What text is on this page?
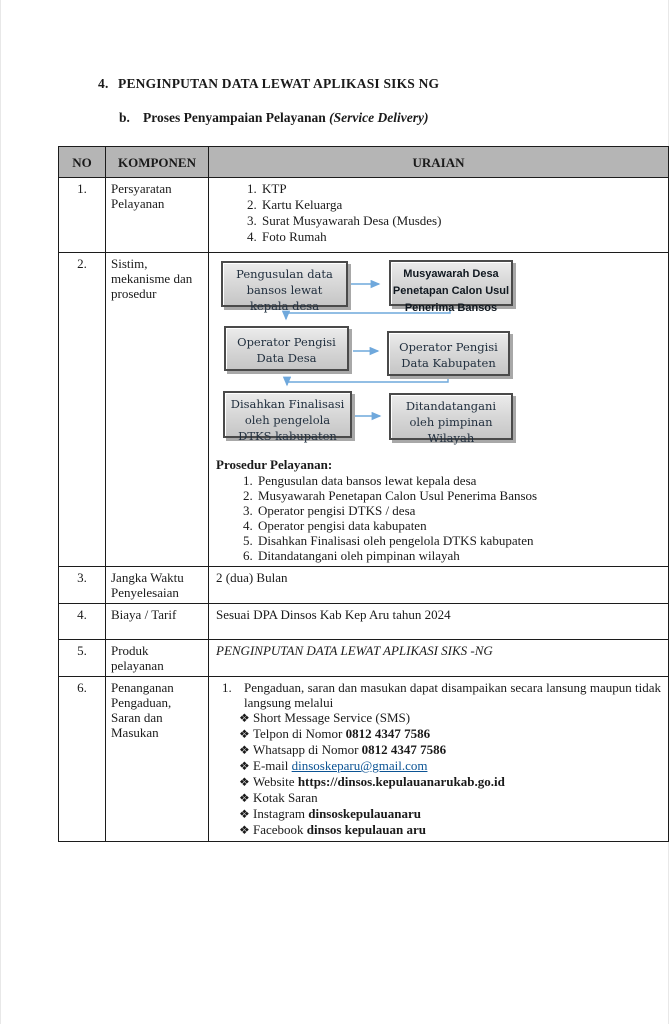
4. PENGINPUTAN DATA LEWAT APLIKASI SIKS NG
b. Proses Penyampaian Pelayanan (Service Delivery)
NO	KOMPONEN	URAIAN
1.	Persyaratan Pelayanan	
1. KTP
2. Kartu Keluarga
3. Surat Musyawarah Desa (Musdes)
4. Foto Rumah

2.	Sistim, mekanisme dan prosedur	
Pengusulan data
bansos lewat
kepala desa
Musyawarah Desa
Penetapan Calon Usul
Penerima Bansos
Operator Pengisi
Data Desa
Operator Pengisi
Data Kabupaten
Disahkan Finalisasi
oleh pengelola
DTKS kabupaten
Ditandatangani
oleh pimpinan
Wilayah
Prosedur Pelayanan:
1. Pengusulan data bansos lewat kepala desa
2. Musyawarah Penetapan Calon Usul Penerima Bansos
3. Operator pengisi DTKS / desa
4. Operator pengisi data kabupaten
5. Disahkan Finalisasi oleh pengelola DTKS kabupaten
6. Ditandatangani oleh pimpinan wilayah

3.	Jangka Waktu Penyelesaian	2 (dua) Bulan

4.	Biaya / Tarif	Sesuai DPA Dinsos Kab Kep Aru tahun 2024

5.	Produk pelayanan	PENGINPUTAN DATA LEWAT APLIKASI SIKS -NG

6.	Penanganan Pengaduan, Saran dan Masukan	
1. Pengaduan, saran dan masukan dapat disampaikan secara lansung maupun tidak langsung melalui
❖ Short Message Service (SMS)
❖ Telpon di Nomor 0812 4347 7586
❖ Whatsapp di Nomor 0812 4347 7586
❖ E-mail dinsoskeparu@gmail.com
❖ Website https://dinsos.kepulauanarukab.go.id
❖ Kotak Saran
❖ Instagram dinsoskepulauanaru
❖ Facebook dinsos kepulauan aru
